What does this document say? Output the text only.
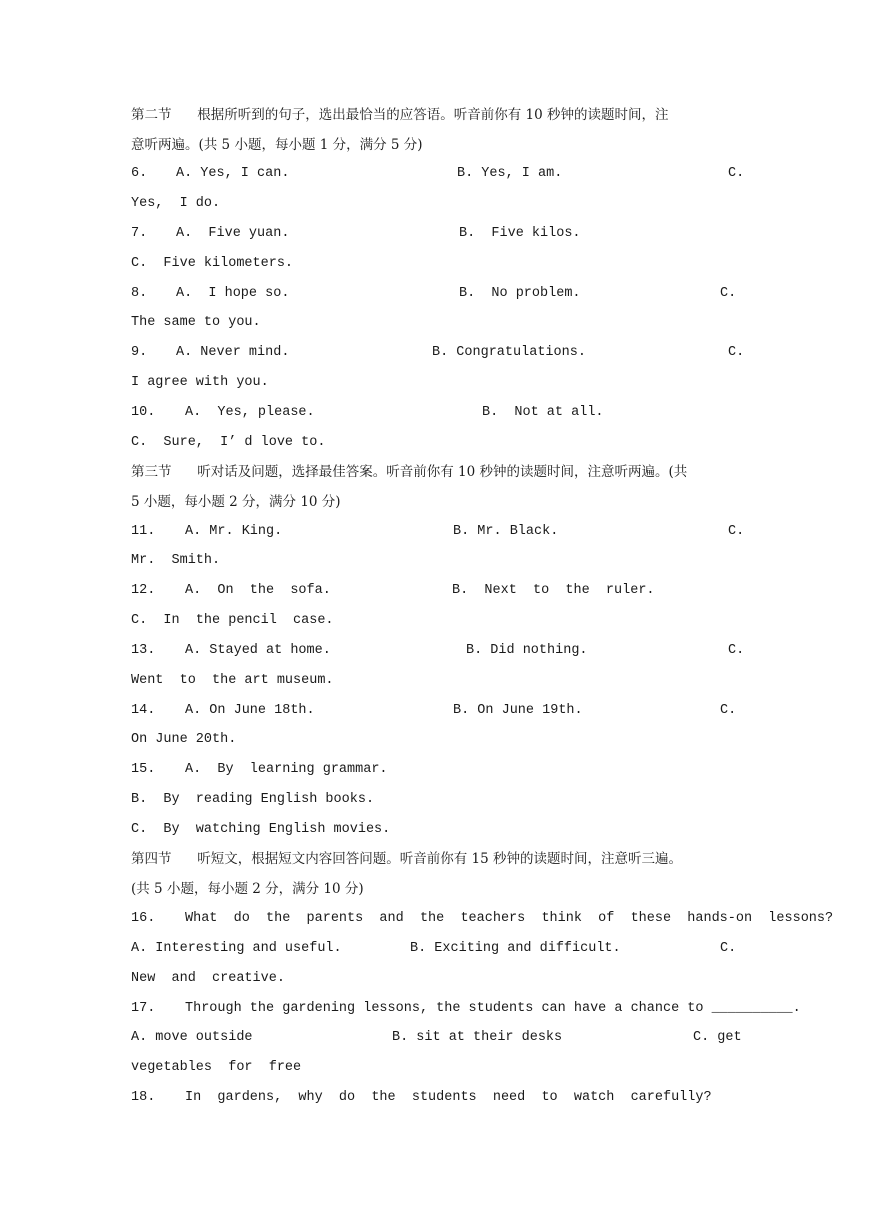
第二节      根据所听到的句子，选出最恰当的应答语。听音前你有 10 秒钟的读题时间，注
意听两遍。(共 5 小题，每小题 1 分，满分 5 分)

6.

A. Yes, I can.

	B. Yes, I am.

	C.

Yes,  I do.

7.

A.  Five yuan.

	B.  Five kilos.

C.  Five kilometers.

8.

A.  I hope so.

	B.  No problem.

	C.

The same to you.

9.

A. Never mind.

	B. Congratulations.

	C.

I agree with you.

10.

A.  Yes, please.

	B.  Not at all.

C.  Sure,  I’ d love to.
第三节      听对话及问题，选择最佳答案。听音前你有 10 秒钟的读题时间，注意听两遍。(共
5 小题，每小题 2 分，满分 10 分)

11.

A. Mr. King.

	B. Mr. Black.

	C.

Mr.  Smith.

12.

A.  On  the  sofa.

	B.  Next  to  the  ruler.

C.  In  the pencil  case.

13.

A. Stayed at home.

	B. Did nothing.

	C.

Went  to  the art museum.

14.

A. On June 18th.

	B. On June 19th.

	C.

On June 20th.

15.

A.  By  learning grammar.

B.  By  reading English books.
C.  By  watching English movies.
第四节      听短文，根据短文内容回答问题。听音前你有 15 秒钟的读题时间，注意听三遍。
(共 5 小题，每小题 2 分，满分 10 分)

16.

What  do  the  parents  and  the  teachers  think  of  these  hands-on  lessons?

A. Interesting and useful.

	B. Exciting and difficult.

	C.

New  and  creative.

17.

Through the gardening lessons, the students can have a chance to __________.

A. move outside

	B. sit at their desks

	C. get

vegetables  for  free

18.

In  gardens,  why  do  the  students  need  to  watch  carefully?
